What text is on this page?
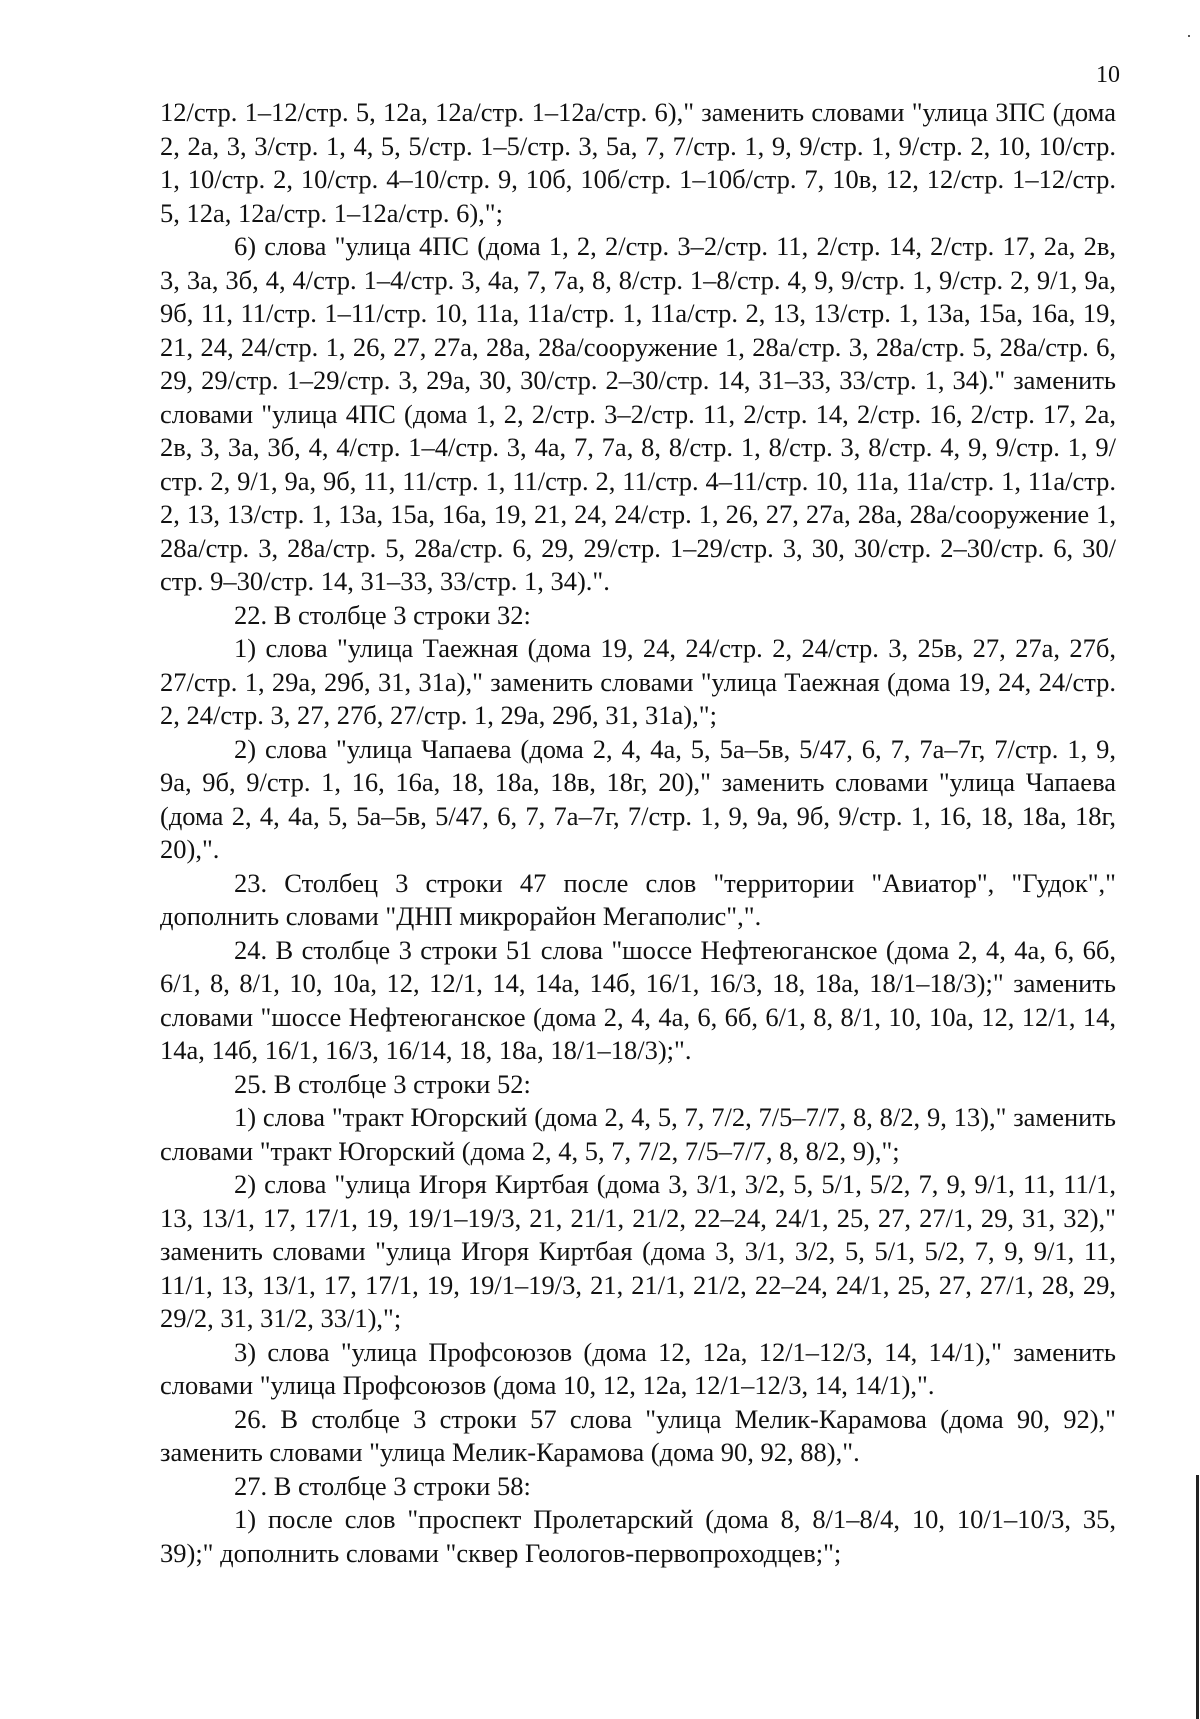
10

12/стр. 1–12/стр. 5, 12а, 12а/стр. 1–12а/стр. 6)," заменить словами "улица 3ПС (дома 2, 2а, 3, 3/стр. 1, 4, 5, 5/стр. 1–5/стр. 3, 5а, 7, 7/стр. 1, 9, 9/стр. 1, 9/стр. 2, 10, 10/стр. 1, 10/стр. 2, 10/стр. 4–10/стр. 9, 10б, 10б/стр. 1–10б/стр. 7, 10в, 12, 12/стр. 1–12/стр. 5, 12а, 12а/стр. 1–12а/стр. 6),";

6) слова "улица 4ПС (дома 1, 2, 2/стр. 3–2/стр. 11, 2/стр. 14, 2/стр. 17, 2а, 2в, 3, 3а, 3б, 4, 4/стр. 1–4/стр. 3, 4а, 7, 7а, 8, 8/стр. 1–8/стр. 4, 9, 9/стр. 1, 9/стр. 2, 9/1, 9а, 9б, 11, 11/стр. 1–11/стр. 10, 11а, 11а/стр. 1, 11а/стр. 2, 13, 13/стр. 1, 13а, 15а, 16а, 19, 21, 24, 24/стр. 1, 26, 27, 27а, 28а, 28а/сооружение 1, 28а/стр. 3, 28а/стр. 5, 28а/стр. 6, 29, 29/стр. 1–29/стр. 3, 29а, 30, 30/стр. 2–30/стр. 14, 31–33, 33/стр. 1, 34)." заменить словами "улица 4ПС (дома 1, 2, 2/стр. 3–2/стр. 11, 2/стр. 14, 2/стр. 16, 2/стр. 17, 2а, 2в, 3, 3а, 3б, 4, 4/стр. 1–4/стр. 3, 4а, 7, 7а, 8, 8/стр. 1, 8/стр. 3, 8/стр. 4, 9, 9/стр. 1, 9/стр. 2, 9/1, 9а, 9б, 11, 11/стр. 1, 11/стр. 2, 11/стр. 4–11/стр. 10, 11а, 11а/стр. 1, 11а/стр. 2, 13, 13/стр. 1, 13а, 15а, 16а, 19, 21, 24, 24/стр. 1, 26, 27, 27а, 28а, 28а/сооружение 1, 28а/стр. 3, 28а/стр. 5, 28а/стр. 6, 29, 29/стр. 1–29/стр. 3, 30, 30/стр. 2–30/стр. 6, 30/стр. 9–30/стр. 14, 31–33, 33/стр. 1, 34).".

22. В столбце 3 строки 32:

1) слова "улица Таежная (дома 19, 24, 24/стр. 2, 24/стр. 3, 25в, 27, 27а, 27б, 27/стр. 1, 29а, 29б, 31, 31а)," заменить словами "улица Таежная (дома 19, 24, 24/стр. 2, 24/стр. 3, 27, 27б, 27/стр. 1, 29а, 29б, 31, 31а),";

2) слова "улица Чапаева (дома 2, 4, 4а, 5, 5а–5в, 5/47, 6, 7, 7а–7г, 7/стр. 1, 9, 9а, 9б, 9/стр. 1, 16, 16а, 18, 18а, 18в, 18г, 20)," заменить словами "улица Чапаева (дома 2, 4, 4а, 5, 5а–5в, 5/47, 6, 7, 7а–7г, 7/стр. 1, 9, 9а, 9б, 9/стр. 1, 16, 18, 18а, 18г, 20),".

23. Столбец 3 строки 47 после слов "территории "Авиатор", "Гудок"," дополнить словами "ДНП микрорайон Мегаполис",".

24. В столбце 3 строки 51 слова "шоссе Нефтеюганское (дома 2, 4, 4а, 6, 6б, 6/1, 8, 8/1, 10, 10а, 12, 12/1, 14, 14а, 14б, 16/1, 16/3, 18, 18а, 18/1–18/3);" заменить словами "шоссе Нефтеюганское (дома 2, 4, 4а, 6, 6б, 6/1, 8, 8/1, 10, 10а, 12, 12/1, 14, 14а, 14б, 16/1, 16/3, 16/14, 18, 18а, 18/1–18/3);".

25. В столбце 3 строки 52:

1) слова "тракт Югорский (дома 2, 4, 5, 7, 7/2, 7/5–7/7, 8, 8/2, 9, 13)," заменить словами "тракт Югорский (дома 2, 4, 5, 7, 7/2, 7/5–7/7, 8, 8/2, 9),";

2) слова "улица Игоря Киртбая (дома 3, 3/1, 3/2, 5, 5/1, 5/2, 7, 9, 9/1, 11, 11/1, 13, 13/1, 17, 17/1, 19, 19/1–19/3, 21, 21/1, 21/2, 22–24, 24/1, 25, 27, 27/1, 29, 31, 32)," заменить словами "улица Игоря Киртбая (дома 3, 3/1, 3/2, 5, 5/1, 5/2, 7, 9, 9/1, 11, 11/1, 13, 13/1, 17, 17/1, 19, 19/1–19/3, 21, 21/1, 21/2, 22–24, 24/1, 25, 27, 27/1, 28, 29, 29/2, 31, 31/2, 33/1),";

3) слова "улица Профсоюзов (дома 12, 12а, 12/1–12/3, 14, 14/1)," заменить словами "улица Профсоюзов (дома 10, 12, 12а, 12/1–12/3, 14, 14/1),".

26. В столбце 3 строки 57 слова "улица Мелик-Карамова (дома 90, 92)," заменить словами "улица Мелик-Карамова (дома 90, 92, 88),".

27. В столбце 3 строки 58:

1) после слов "проспект Пролетарский (дома 8, 8/1–8/4, 10, 10/1–10/3, 35, 39);" дополнить словами "сквер Геологов-первопроходцев;";
